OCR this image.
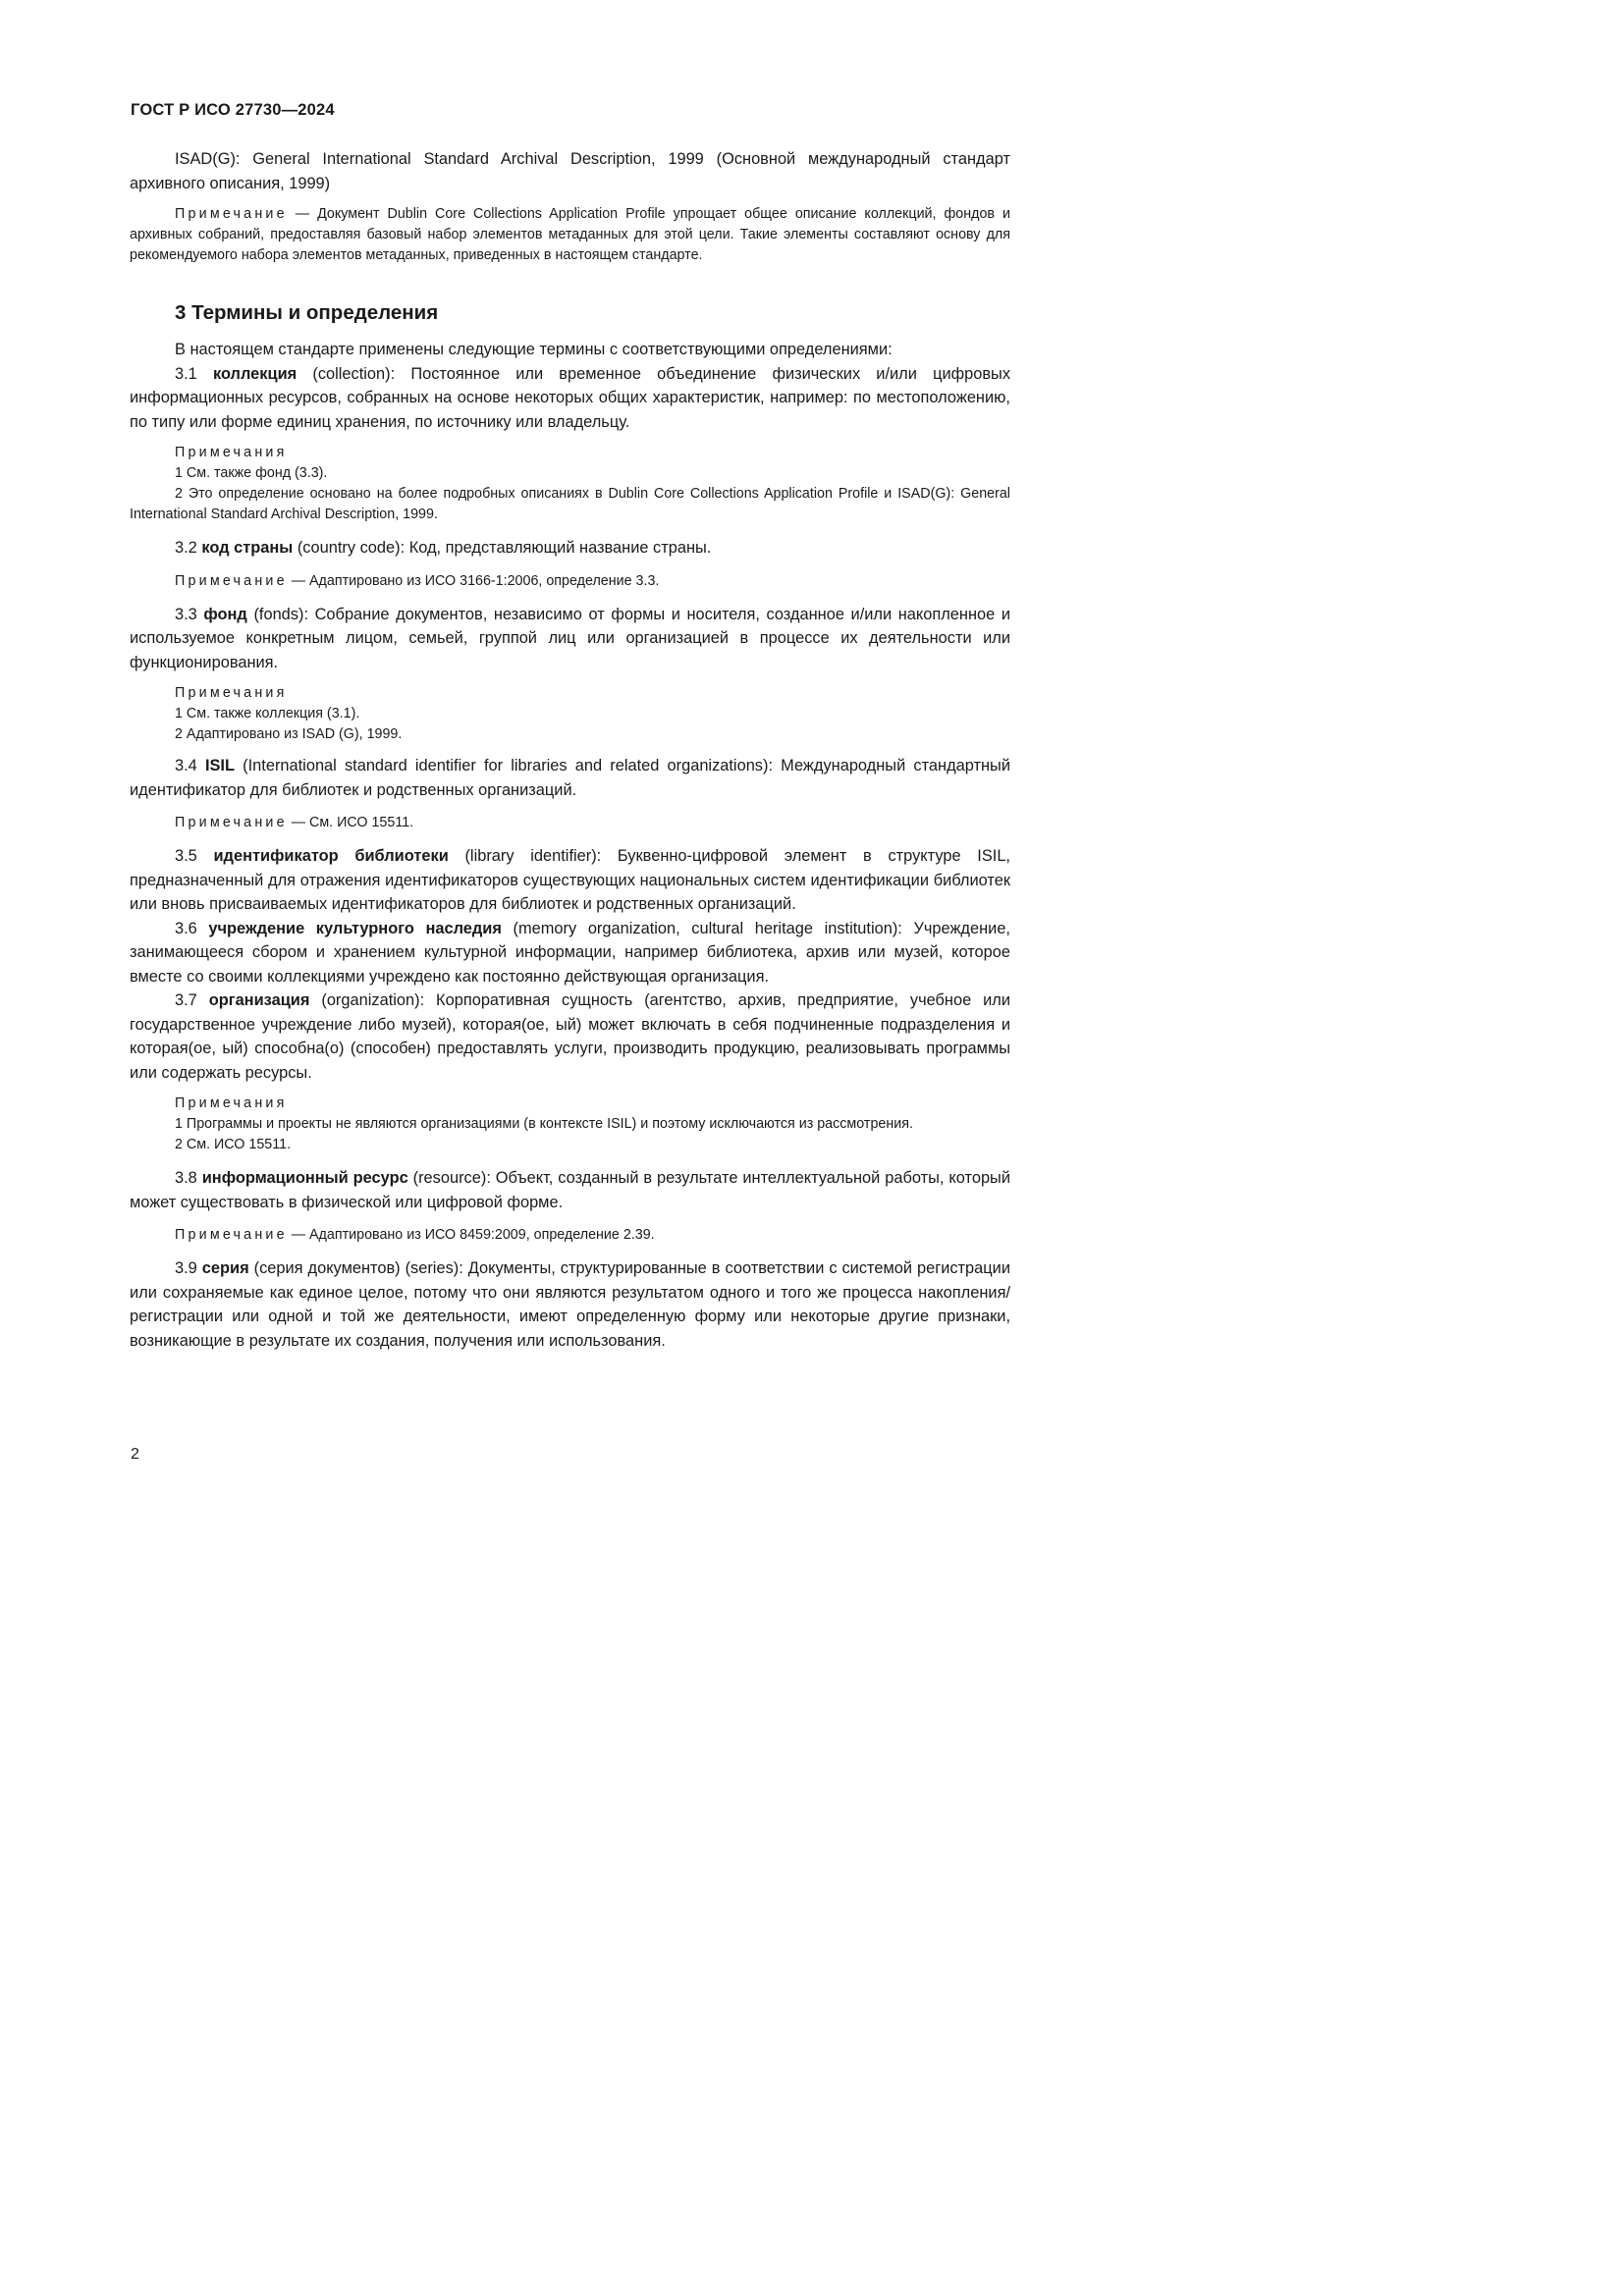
ГОСТ Р ИСО 27730—2024

ISAD(G): General International Standard Archival Description, 1999 (Основной международный стандарт архивного описания, 1999)

Примечание — Документ Dublin Core Collections Application Profile упрощает общее описание коллекций, фондов и архивных собраний, предоставляя базовый набор элементов метаданных для этой цели. Такие элементы составляют основу для рекомендуемого набора элементов метаданных, приведенных в настоящем стандарте.

3 Термины и определения

В настоящем стандарте применены следующие термины с соответствующими определениями:

3.1 коллекция (collection): Постоянное или временное объединение физических и/или цифровых информационных ресурсов, собранных на основе некоторых общих характеристик, например: по местоположению, по типу или форме единиц хранения, по источнику или владельцу.

Примечания

1 См. также фонд (3.3).

2 Это определение основано на более подробных описаниях в Dublin Core Collections Application Profile и ISAD(G): General International Standard Archival Description, 1999.

3.2 код страны (country code): Код, представляющий название страны.

Примечание — Адаптировано из ИСО 3166-1:2006, определение 3.3.

3.3 фонд (fonds): Собрание документов, независимо от формы и носителя, созданное и/или накопленное и используемое конкретным лицом, семьей, группой лиц или организацией в процессе их деятельности или функционирования.

Примечания

1 См. также коллекция (3.1).

2 Адаптировано из ISAD (G), 1999.

3.4 ISIL (International standard identifier for libraries and related organizations): Международный стандартный идентификатор для библиотек и родственных организаций.

Примечание — См. ИСО 15511.

3.5 идентификатор библиотеки (library identifier): Буквенно-цифровой элемент в структуре ISIL, предназначенный для отражения идентификаторов существующих национальных систем идентификации библиотек или вновь присваиваемых идентификаторов для библиотек и родственных организаций.

3.6 учреждение культурного наследия (memory organization, cultural heritage institution): Учреждение, занимающееся сбором и хранением культурной информации, например библиотека, архив или музей, которое вместе со своими коллекциями учреждено как постоянно действующая организация.

3.7 организация (organization): Корпоративная сущность (агентство, архив, предприятие, учебное или государственное учреждение либо музей), которая(ое, ый) может включать в себя подчиненные подразделения и которая(ое, ый) способна(о) (способен) предоставлять услуги, производить продукцию, реализовывать программы или содержать ресурсы.

Примечания

1 Программы и проекты не являются организациями (в контексте ISIL) и поэтому исключаются из рассмотрения.

2 См. ИСО 15511.

3.8 информационный ресурс (resource): Объект, созданный в результате интеллектуальной работы, который может существовать в физической или цифровой форме.

Примечание — Адаптировано из ИСО 8459:2009, определение 2.39.

3.9 серия (серия документов) (series): Документы, структурированные в соответствии с системой регистрации или сохраняемые как единое целое, потому что они являются результатом одного и того же процесса накопления/регистрации или одной и той же деятельности, имеют определенную форму или некоторые другие признаки, возникающие в результате их создания, получения или использования.

2
